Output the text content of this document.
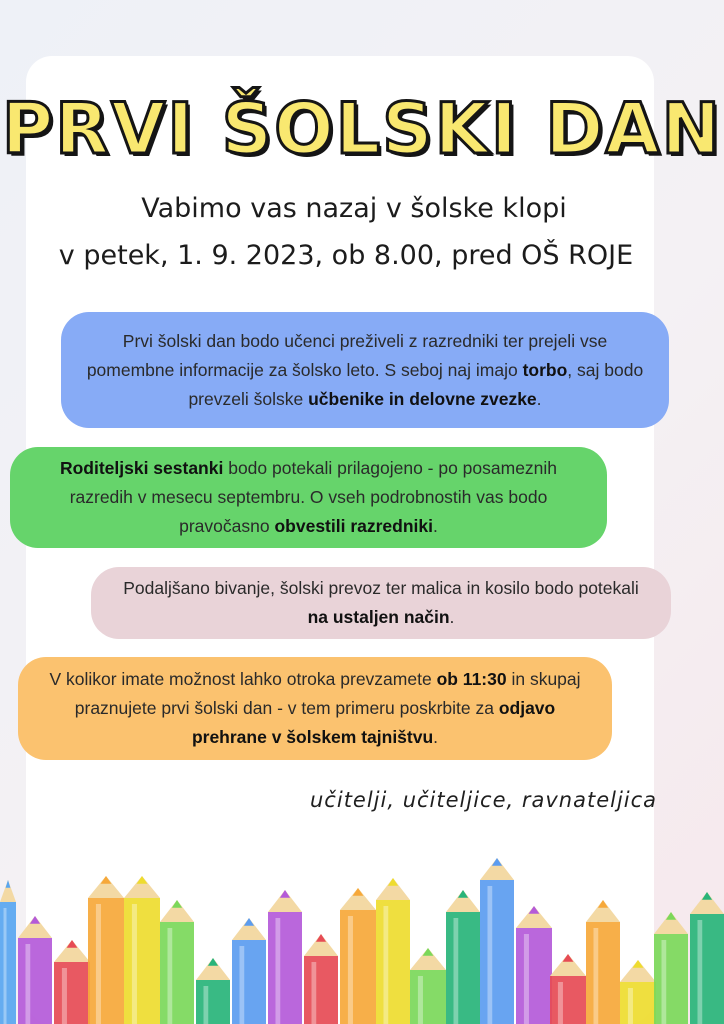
PRVI ŠOLSKI DAN
Vabimo vas nazaj v šolske klopi
v petek, 1. 9. 2023, ob 8.00, pred OŠ ROJE

Prvi šolski dan bodo učenci preživeli z razredniki ter prejeli vse pomembne informacije za šolsko leto. S seboj naj imajo torbo, saj bodo prevzeli šolske učbenike in delovne zvezke.

Roditeljski sestanki bodo potekali prilagojeno - po posameznih razredih v mesecu septembru. O vseh podrobnostih vas bodo pravočasno obvestili razredniki.

Podaljšano bivanje, šolski prevoz ter malica in kosilo bodo potekali na ustaljen način.

V kolikor imate možnost lahko otroka prevzamete ob 11:30 in skupaj praznujete prvi šolski dan - v tem primeru poskrbite za odjavo prehrane v šolskem tajništvu.

učitelji, učiteljice, ravnateljica
